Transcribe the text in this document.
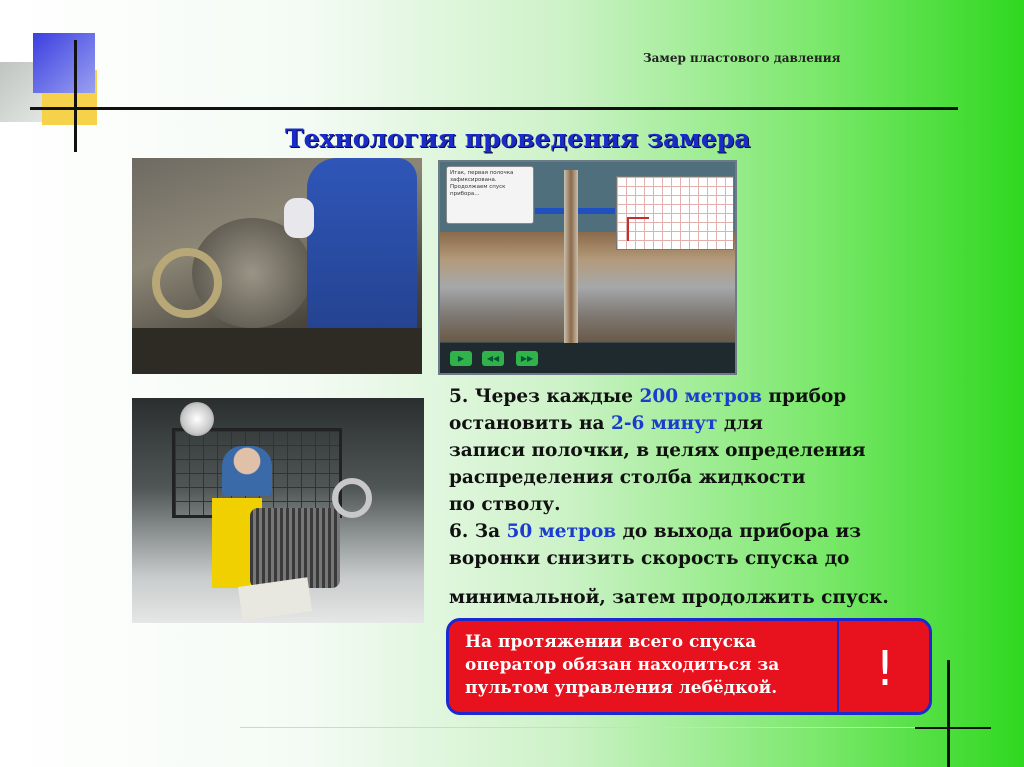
Замер пластового давления
Технология проведения замера
Итак, первая полочка зафиксирована. Продолжаем спуск прибора...
▶	◀◀	▶▶

5. Через каждые 200 метров прибор

остановить на 2-6 минут для

записи полочки, в целях определения

распределения столба жидкости

по стволу.

6. За 50 метров до выхода прибора из

воронки снизить скорость спуска до

минимальной, затем продолжить спуск.

На протяжении всего спуска

оператор обязан находиться за

пультом управления лебёдкой.	!
